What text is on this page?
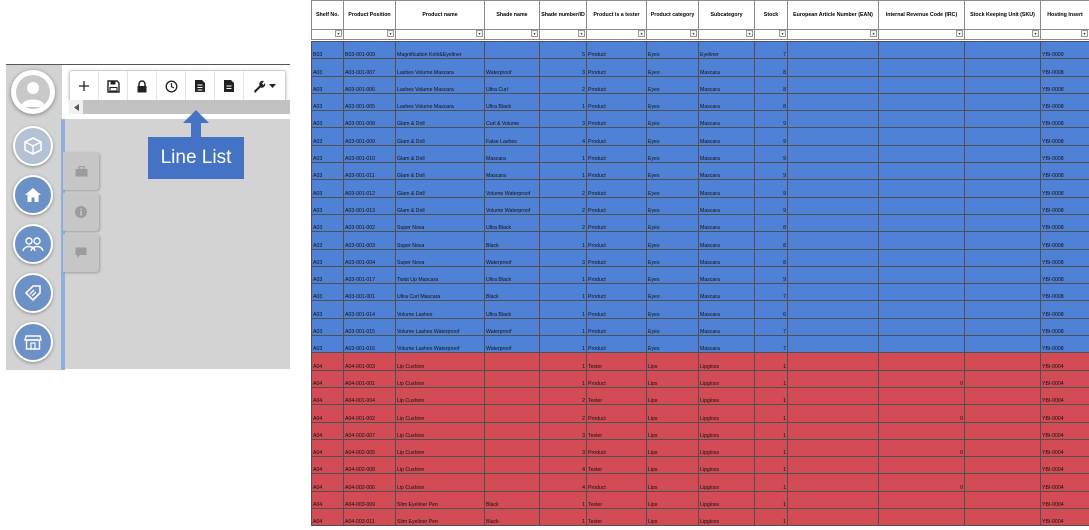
Line List
Shelf No.	Product Position	Product name	Shade name	Shade number/ID	Product is a tester	Product category	Subcategory	Stock	European Article Number (EAN)	Internal Revenue Code (IRC)	Stock Keeping Unit (SKU)	Hosting Insert

▾	▾	▾	▾	▾	▾	▾	▾	▾	▾	▾	▾	▾

B03	B03-001-009	Magnification Kohl&Eyeliner		5	Product	Eyes	Eyeliner	7				YBI-0009
A03	A03-001-007	Lashes Volume Mascara	Waterproof	3	Product	Eyes	Mascara	8				YBI-0008
A03	A03-001-006	Lashes Volume Mascara	Ultra Curl	2	Product	Eyes	Mascara	8				YBI-0008
A03	A03-001-005	Lashes Volume Mascara	Ultra Black	1	Product	Eyes	Mascara	8				YBI-0008
A03	A03-001-008	Glam & Doll	Curl & Volume	3	Product	Eyes	Mascara	9				YBI-0008
A03	A03-001-009	Glam & Doll	False Lashes	4	Product	Eyes	Mascara	9				YBI-0008
A03	A03-001-010	Glam & Doll	Mascara	1	Product	Eyes	Mascara	9				YBI-0008
A03	A03-001-011	Glam & Doll	Mascara	1	Product	Eyes	Mascara	9				YBI-0008
A03	A03-001-012	Glam & Doll	Volume Waterproof	2	Product	Eyes	Mascara	9				YBI-0008
A03	A03-001-013	Glam & Doll	Volume Waterproof	2	Product	Eyes	Mascara	9				YBI-0008
A03	A03-001-002	Super Nova	Ultra Black	2	Product	Eyes	Mascara	8				YBI-0008
A03	A03-001-003	Super Nova	Black	1	Product	Eyes	Mascara	8				YBI-0008
A03	A03-001-004	Super Nova	Waterproof	3	Product	Eyes	Mascara	8				YBI-0008
A03	A03-001-017	Twist Up Mascara	Ultra Black	1	Product	Eyes	Mascara	9				YBI-0008
A03	A03-001-001	Ultra Curl Mascara	Black	1	Product	Eyes	Mascara	7				YBI-0008
A03	A03-001-014	Volume Lashes	Ultra Black	1	Product	Eyes	Mascara	6				YBI-0008
A03	A03-001-015	Volume Lashes Waterproof	Waterproof	1	Product	Eyes	Mascara	7				YBI-0008
A03	A03-001-016	Volume Lashes Waterproof	Waterproof	1	Product	Eyes	Mascara	7				YBI-0008
A04	A04-001-003	Lip Cushion		1	Tester	Lips	Lipgloss	1				YBI-0004
A04	A04-001-001	Lip Cushion		1	Product	Lips	Lipgloss	1		0		YBI-0004
A04	A04-001-004	Lip Cushion		2	Tester	Lips	Lipgloss	1				YBI-0004
A04	A04-001-002	Lip Cushion		2	Product	Lips	Lipgloss	1		0		YBI-0004
A04	A04-002-007	Lip Cushion		3	Tester	Lips	Lipgloss	1				YBI-0004
A04	A04-002-005	Lip Cushion		3	Product	Lips	Lipgloss	1		0		YBI-0004
A04	A04-002-008	Lip Cushion		4	Tester	Lips	Lipgloss	1				YBI-0004
A04	A04-002-006	Lip Cushion		4	Product	Lips	Lipgloss	1		0		YBI-0004
A04	A04-003-009	Slim Eyeliner Pen	Black	1	Tester	Lips	Lipgloss	1				YBI-0004
A04	A04-003-011	Slim Eyeliner Pen	Black	1	Tester	Lips	Lipgloss	1				YBI-0004
